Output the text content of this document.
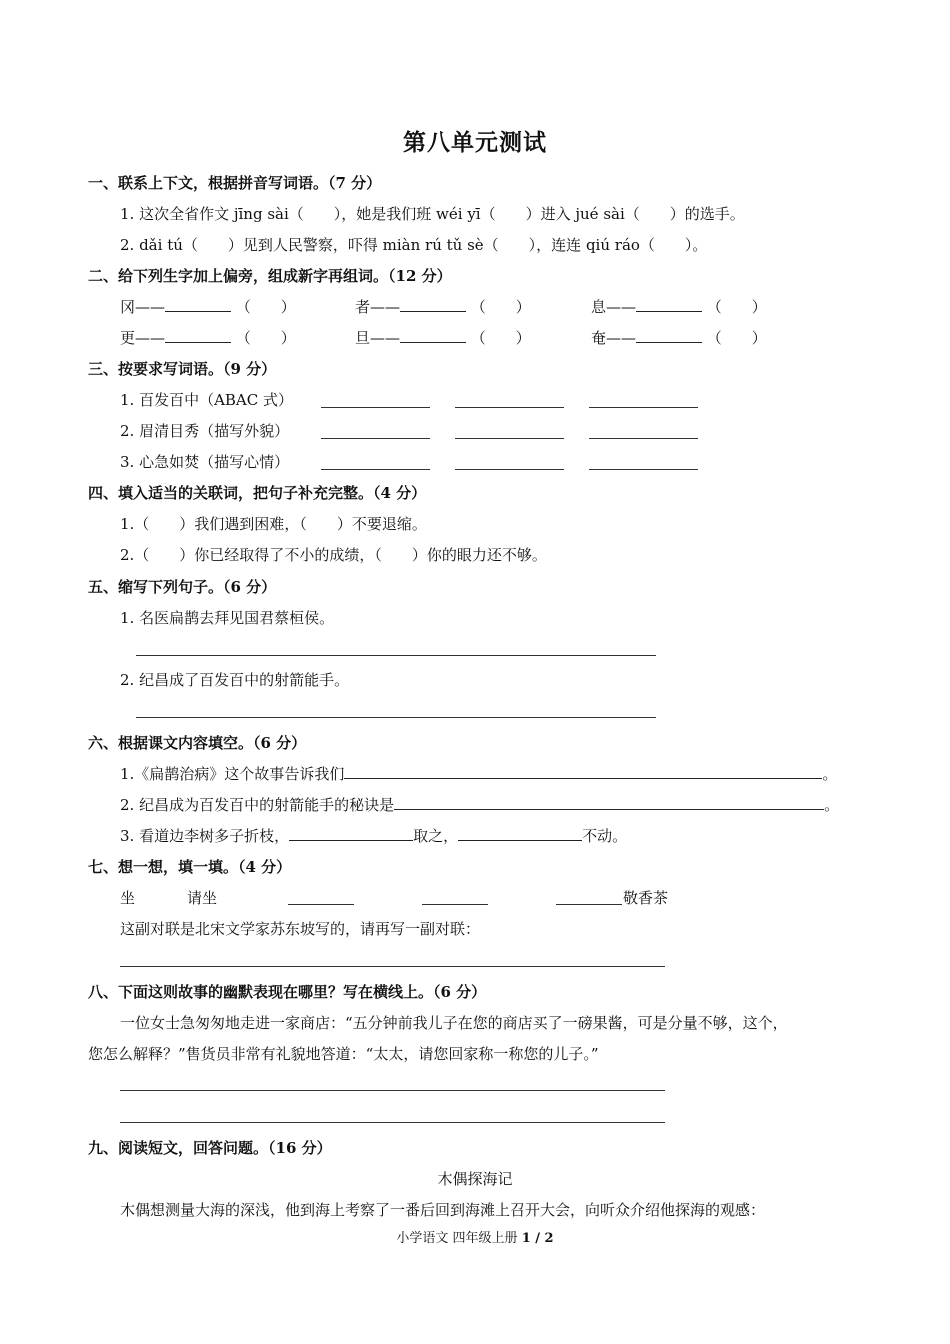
第八单元测试
一、联系上下文，根据拼音写词语。（7 分）
1. 这次全省作文 jīng sài（　　），她是我们班 wéi yī（　　）进入 jué sài（　　）的选手。
2. dǎi tú（　　）见到人民警察，吓得 miàn rú tǔ sè（　　），连连 qiú ráo（　　）。
二、给下列生字加上偏旁，组成新字再组词。（12 分）
冈——	（　　）	者——	（　　）	息——	（　　）
更——	（　　）	旦——	（　　）	奄——	（　　）
三、按要求写词语。（9 分）
1. 百发百中（ABAC 式）
2. 眉清目秀（描写外貌）
3. 心急如焚（描写心情）
四、填入适当的关联词，把句子补充完整。（4 分）
1.（　　）我们遇到困难，（　　）不要退缩。
2.（　　）你已经取得了不小的成绩，（　　）你的眼力还不够。
五、缩写下列句子。（6 分）
1. 名医扁鹊去拜见国君蔡桓侯。
2. 纪昌成了百发百中的射箭能手。
六、根据课文内容填空。（6 分）
1.《扁鹊治病》这个故事告诉我们	。
2. 纪昌成为百发百中的射箭能手的秘诀是	。
3. 看道边李树多子折枝，	取之，	不动。
七、想一想，填一填。（4 分）
坐	请坐	敬香茶
这副对联是北宋文学家苏东坡写的，请再写一副对联：
八、下面这则故事的幽默表现在哪里？写在横线上。（6 分）
一位女士急匆匆地走进一家商店：“五分钟前我儿子在您的商店买了一磅果酱，可是分量不够，这个，
您怎么解释？”售货员非常有礼貌地答道：“太太，请您回家称一称您的儿子。”
九、阅读短文，回答问题。（16 分）
木偶探海记
木偶想测量大海的深浅，他到海上考察了一番后回到海滩上召开大会，向听众介绍他探海的观感：
小学语文 四年级上册 1 / 2
